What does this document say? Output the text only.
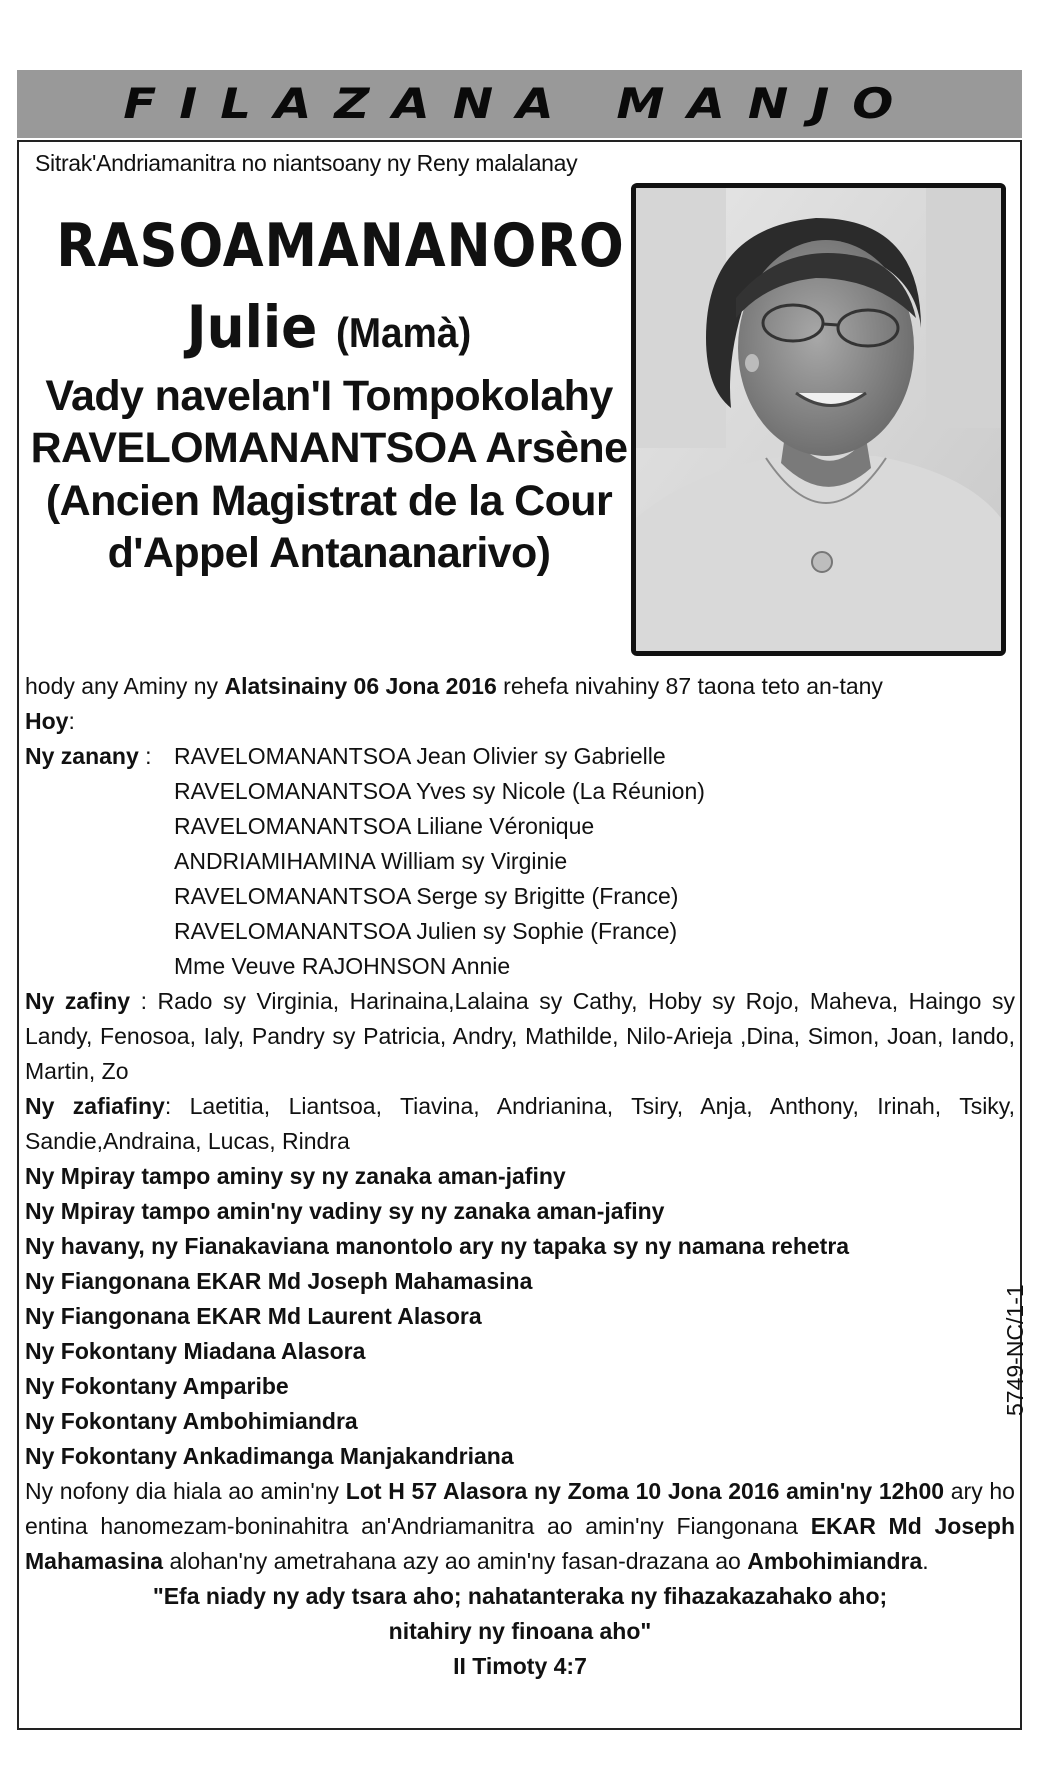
FILAZANA MANJO
Sitrak'Andriamanitra no niantsoany ny Reny malalanay
RASOAMANANORO
Julie (Mamà)
Vady navelan'I Tompokolahy
RAVELOMANANTSOA Arsène
(Ancien Magistrat de la Cour
d'Appel Antananarivo)
hody any Aminy ny Alatsinainy 06 Jona 2016 rehefa nivahiny 87 taona teto an-tany
Hoy:
Ny zanany : RAVELOMANANTSOA Jean Olivier sy Gabrielle
RAVELOMANANTSOA Yves sy Nicole (La Réunion)
RAVELOMANANTSOA Liliane Véronique
ANDRIAMIHAMINA William sy Virginie
RAVELOMANANTSOA Serge sy Brigitte (France)
RAVELOMANANTSOA Julien sy Sophie (France)
Mme Veuve RAJOHNSON Annie
Ny zafiny : Rado sy Virginia, Harinaina,Lalaina sy Cathy, Hoby sy Rojo, Maheva, Haingo sy Landy, Fenosoa, Ialy, Pandry sy Patricia, Andry, Mathilde, Nilo-Arieja ,Dina, Simon, Joan, Iando, Martin, Zo
Ny zafiafiny: Laetitia, Liantsoa, Tiavina, Andrianina, Tsiry, Anja, Anthony, Irinah, Tsiky, Sandie,Andraina, Lucas, Rindra
Ny Mpiray tampo aminy sy ny zanaka aman-jafiny
Ny Mpiray tampo amin'ny vadiny sy ny zanaka aman-jafiny
Ny havany, ny Fianakaviana manontolo ary ny tapaka sy ny namana rehetra
Ny Fiangonana EKAR Md Joseph Mahamasina
Ny Fiangonana EKAR Md Laurent Alasora
Ny Fokontany Miadana Alasora
Ny Fokontany Amparibe
Ny Fokontany Ambohimiandra
Ny Fokontany Ankadimanga Manjakandriana
Ny nofony dia hiala ao amin'ny Lot H 57 Alasora ny Zoma 10 Jona 2016 amin'ny 12h00 ary ho entina hanomezam-boninahitra an'Andriamanitra ao amin'ny Fiangonana EKAR Md Joseph Mahamasina alohan'ny ametrahana azy ao amin'ny fasan-drazana ao Ambohimiandra.
"Efa niady ny ady tsara aho; nahatanteraka ny fihazakazahako aho;
nitahiry ny finoana aho"
II Timoty 4:7
5749-NC/1-1
